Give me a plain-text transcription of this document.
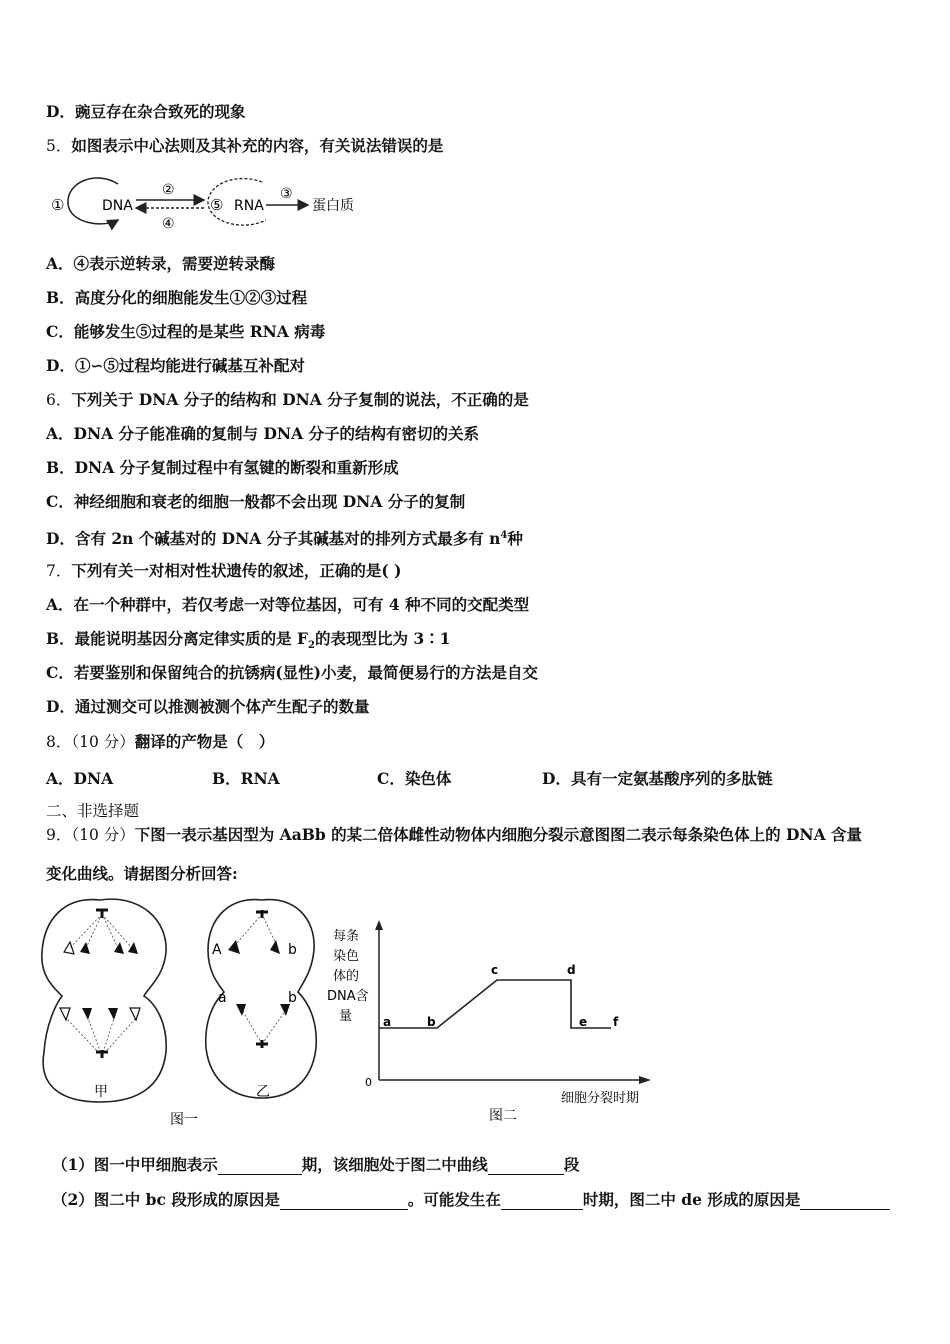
D．豌豆存在杂合致死的现象
5．如图表示中心法则及其补充的内容，有关说法错误的是
①	DNA
②
④
⑤ RNA
③
蛋白质
A．④表示逆转录，需要逆转录酶
B．高度分化的细胞能发生①②③过程
C．能够发生⑤过程的是某些 RNA 病毒
D．①∽⑤过程均能进行碱基互补配对
6．下列关于 DNA 分子的结构和 DNA 分子复制的说法，不正确的是
A．DNA 分子能准确的复制与 DNA 分子的结构有密切的关系
B．DNA 分子复制过程中有氢键的断裂和重新形成
C．神经细胞和衰老的细胞一般都不会出现 DNA 分子的复制
D．含有 2n 个碱基对的 DNA 分子其碱基对的排列方式最多有 $n^4$种
7．下列有关一对相对性状遗传的叙述，正确的是( )
A．在一个种群中，若仅考虑一对等位基因，可有 4 种不同的交配类型
B．最能说明基因分离定律实质的是 $F_2$的表现型比为 3∶1
C．若要鉴别和保留纯合的抗锈病(显性)小麦，最简便易行的方法是自交
D．通过测交可以推测被测个体产生配子的数量
8．（10 分）翻译的产物是（　）
A．DNA	B．RNA	C．染色体	D．具有一定氨基酸序列的多肽链
二、非选择题
9．（10 分）下图一表示基因型为 AaBb 的某二倍体雌性动物体内细胞分裂示意图图二表示每条染色体上的 DNA 含量
变化曲线。请据图分析回答:
甲
A	b
a	b
乙
图一
每条
染色
体的
DNA含
量
0
细胞分裂时期
a	b
c	d
e f
图二
（1）图一中甲细胞表示	期，该细胞处于图二中曲线	段
（2）图二中 bc 段形成的原因是	。可能发生在	时期，图二中 de 形成的原因是
